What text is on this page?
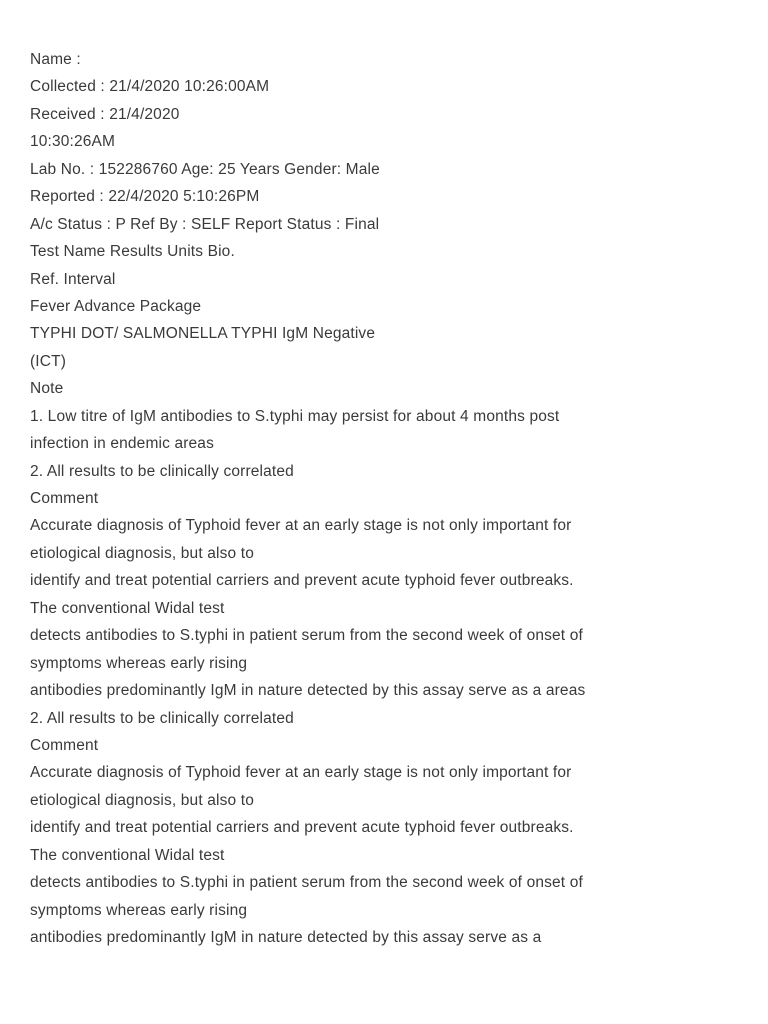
Name :
Collected : 21/4/2020 10:26:00AM
Received : 21/4/2020
10:30:26AM
Lab No. : 152286760 Age: 25 Years Gender: Male
Reported : 22/4/2020 5:10:26PM
A/c Status : P Ref By : SELF Report Status : Final
Test Name Results Units Bio.
Ref. Interval
Fever Advance Package
TYPHI DOT/ SALMONELLA TYPHI IgM Negative
(ICT)
Note
1. Low titre of IgM antibodies to S.typhi may persist for about 4 months post
infection in endemic areas
2. All results to be clinically correlated
Comment
Accurate diagnosis of Typhoid fever at an early stage is not only important for
etiological diagnosis, but also to
identify and treat potential carriers and prevent acute typhoid fever outbreaks.
The conventional Widal test
detects antibodies to S.typhi in patient serum from the second week of onset of
symptoms whereas early rising
antibodies predominantly IgM in nature detected by this assay serve as a areas
2. All results to be clinically correlated
Comment
Accurate diagnosis of Typhoid fever at an early stage is not only important for
etiological diagnosis, but also to
identify and treat potential carriers and prevent acute typhoid fever outbreaks.
The conventional Widal test
detects antibodies to S.typhi in patient serum from the second week of onset of
symptoms whereas early rising
antibodies predominantly IgM in nature detected by this assay serve as a
